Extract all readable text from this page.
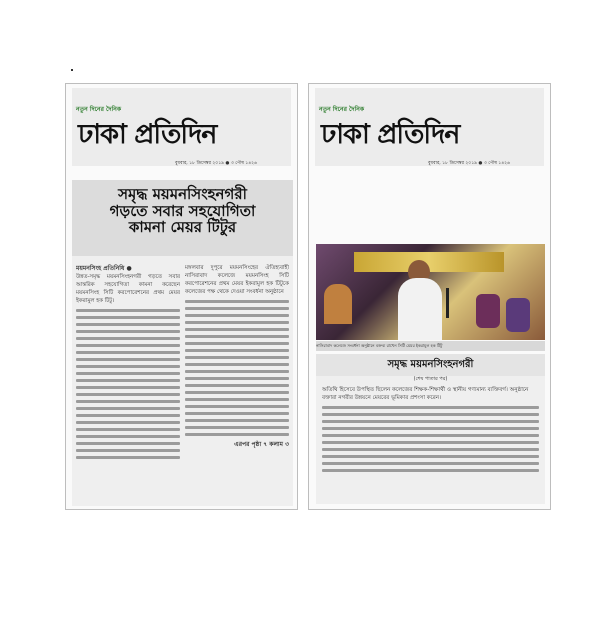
নতুন দিনের দৈনিক
ঢাকা প্রতিদিন
বুধবার, ১৮ ডিসেম্বর ২০১৯ ● ৩ পৌষ ১৪২৬
সমৃদ্ধ ময়মনসিংহনগরী
গড়তে সবার সহযোগিতা
কামনা মেয়র টিটুর
ময়মনসিংহ প্রতিনিধি ●
উন্নত-সমৃদ্ধ ময়মনসিংহনগরী গড়তে সবার আন্তরিক সহযোগিতা কামনা করেছেন ময়মনসিংহ সিটি করপোরেশনের প্রথম মেয়র ইকরামুল হক টিটু।
মঙ্গলবার দুপুরে ময়মনসিংহের ঐতিহ্যবাহী নাসিরাবাদ কলেজে ময়মনসিংহ সিটি করপোরেশনের প্রথম মেয়র ইকরামুল হক টিটুকে কলেজের পক্ষ থেকে দেওয়া সংবর্ধনা অনুষ্ঠানে
এরপর পৃষ্ঠা ৭ কলাম ৩
নতুন দিনের দৈনিক
ঢাকা প্রতিদিন
বুধবার, ১৮ ডিসেম্বর ২০১৯ ● ৩ পৌষ ১৪২৬
নাসিরাবাদ কলেজে সংবর্ধনা অনুষ্ঠানে বক্তব্য রাখেন সিটি মেয়র ইকরামুল হক টিটু
সমৃদ্ধ ময়মনসিংহনগরী
(শেষ পাতার পর)
অতিথি হিসেবে উপস্থিত ছিলেন কলেজের শিক্ষক-শিক্ষার্থী ও স্থানীয় গণ্যমান্য ব্যক্তিবর্গ। অনুষ্ঠানে বক্তারা নগরীর উন্নয়নে মেয়রের ভূমিকার প্রশংসা করেন।
